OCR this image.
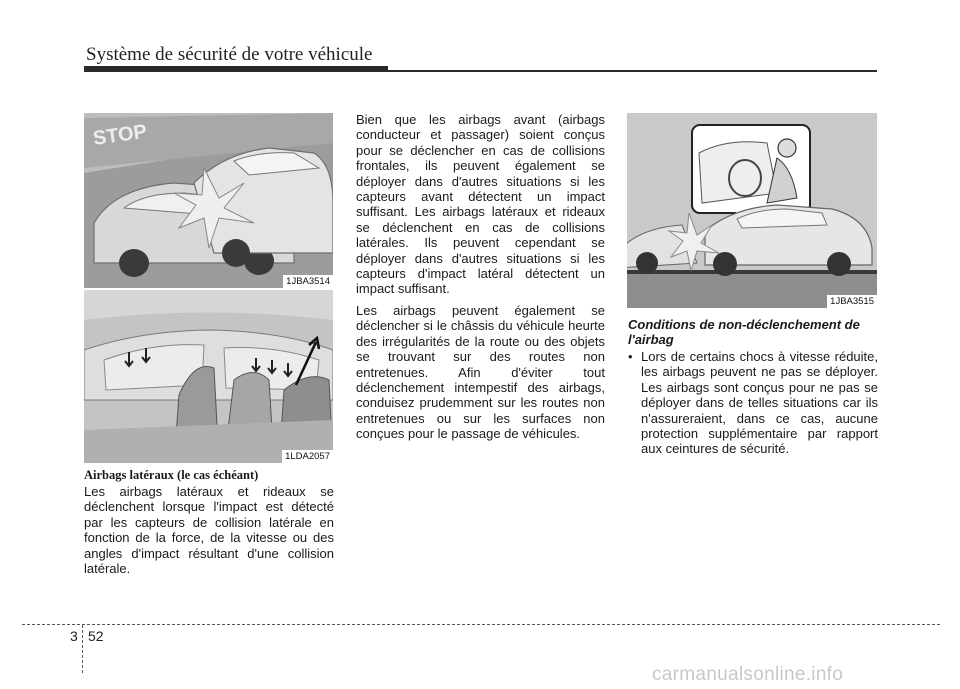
Système de sécurité de votre véhicule
STOP
1JBA3514
1LDA2057
1JBA3515
Airbags latéraux (le cas échéant)

Les airbags latéraux et rideaux se déclenchent lorsque l'impact est détecté par les capteurs de collision latérale en fonction de la force, de la vitesse ou des angles d'impact résultant d'une collision latérale.

Bien que les airbags avant (airbags conducteur et passager) soient conçus pour se déclencher en cas de collisions frontales, ils peuvent également se déployer dans d'autres situations si les capteurs avant détectent un impact suffisant. Les airbags latéraux et rideaux se déclenchent en cas de collisions latérales. Ils peuvent cependant se déployer dans d'autres situations si les capteurs d'impact latéral détectent un impact suffisant.

Les airbags peuvent également se déclencher si le châssis du véhicule heurte des irrégularités de la route ou des objets se trouvant sur des routes non entretenues. Afin d'éviter tout déclenchement intempestif des airbags, conduisez prudemment sur les routes non entretenues ou sur les surfaces non conçues pour le passage de véhicules.

Conditions de non-déclenchement de l'airbag
• Lors de certains chocs à vitesse réduite, les airbags peuvent ne pas se déployer. Les airbags sont conçus pour ne pas se déployer dans de telles situations car ils n'assureraient, dans ce cas, aucune protection supplémentaire par rapport aux ceintures de sécurité.
3 52
carmanualsonline.info
